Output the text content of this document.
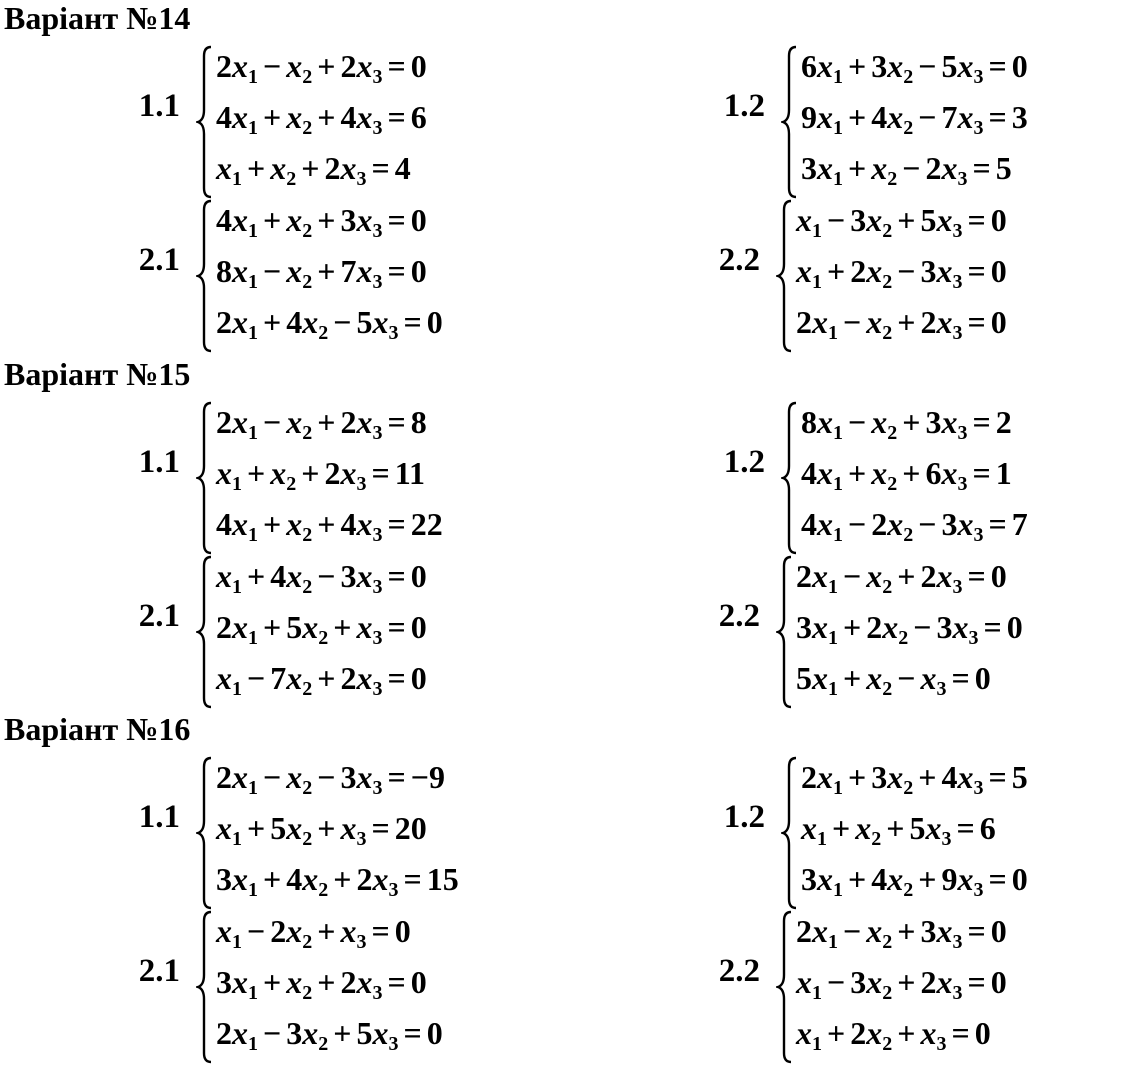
Варіант №14
1.1
$2x_1 - x_2 + 2x_3 = 0$
$4x_1 + x_2 + 4x_3 = 6$
$x_1 + x_2 + 2x_3 = 4$
1.2
$6x_1 + 3x_2 - 5x_3 = 0$
$9x_1 + 4x_2 - 7x_3 = 3$
$3x_1 + x_2 - 2x_3 = 5$
2.1
$4x_1 + x_2 + 3x_3 = 0$
$8x_1 - x_2 + 7x_3 = 0$
$2x_1 + 4x_2 - 5x_3 = 0$
2.2
$x_1 - 3x_2 + 5x_3 = 0$
$x_1 + 2x_2 - 3x_3 = 0$
$2x_1 - x_2 + 2x_3 = 0$
Варіант №15
1.1
$2x_1 - x_2 + 2x_3 = 8$
$x_1 + x_2 + 2x_3 = 11$
$4x_1 + x_2 + 4x_3 = 22$
1.2
$8x_1 - x_2 + 3x_3 = 2$
$4x_1 + x_2 + 6x_3 = 1$
$4x_1 - 2x_2 - 3x_3 = 7$
2.1
$x_1 + 4x_2 - 3x_3 = 0$
$2x_1 + 5x_2 + x_3 = 0$
$x_1 - 7x_2 + 2x_3 = 0$
2.2
$2x_1 - x_2 + 2x_3 = 0$
$3x_1 + 2x_2 - 3x_3 = 0$
$5x_1 + x_2 - x_3 = 0$
Варіант №16
1.1
$2x_1 - x_2 - 3x_3 = -9$
$x_1 + 5x_2 + x_3 = 20$
$3x_1 + 4x_2 + 2x_3 = 15$
1.2
$2x_1 + 3x_2 + 4x_3 = 5$
$x_1 + x_2 + 5x_3 = 6$
$3x_1 + 4x_2 + 9x_3 = 0$
2.1
$x_1 - 2x_2 + x_3 = 0$
$3x_1 + x_2 + 2x_3 = 0$
$2x_1 - 3x_2 + 5x_3 = 0$
2.2
$2x_1 - x_2 + 3x_3 = 0$
$x_1 - 3x_2 + 2x_3 = 0$
$x_1 + 2x_2 + x_3 = 0$
